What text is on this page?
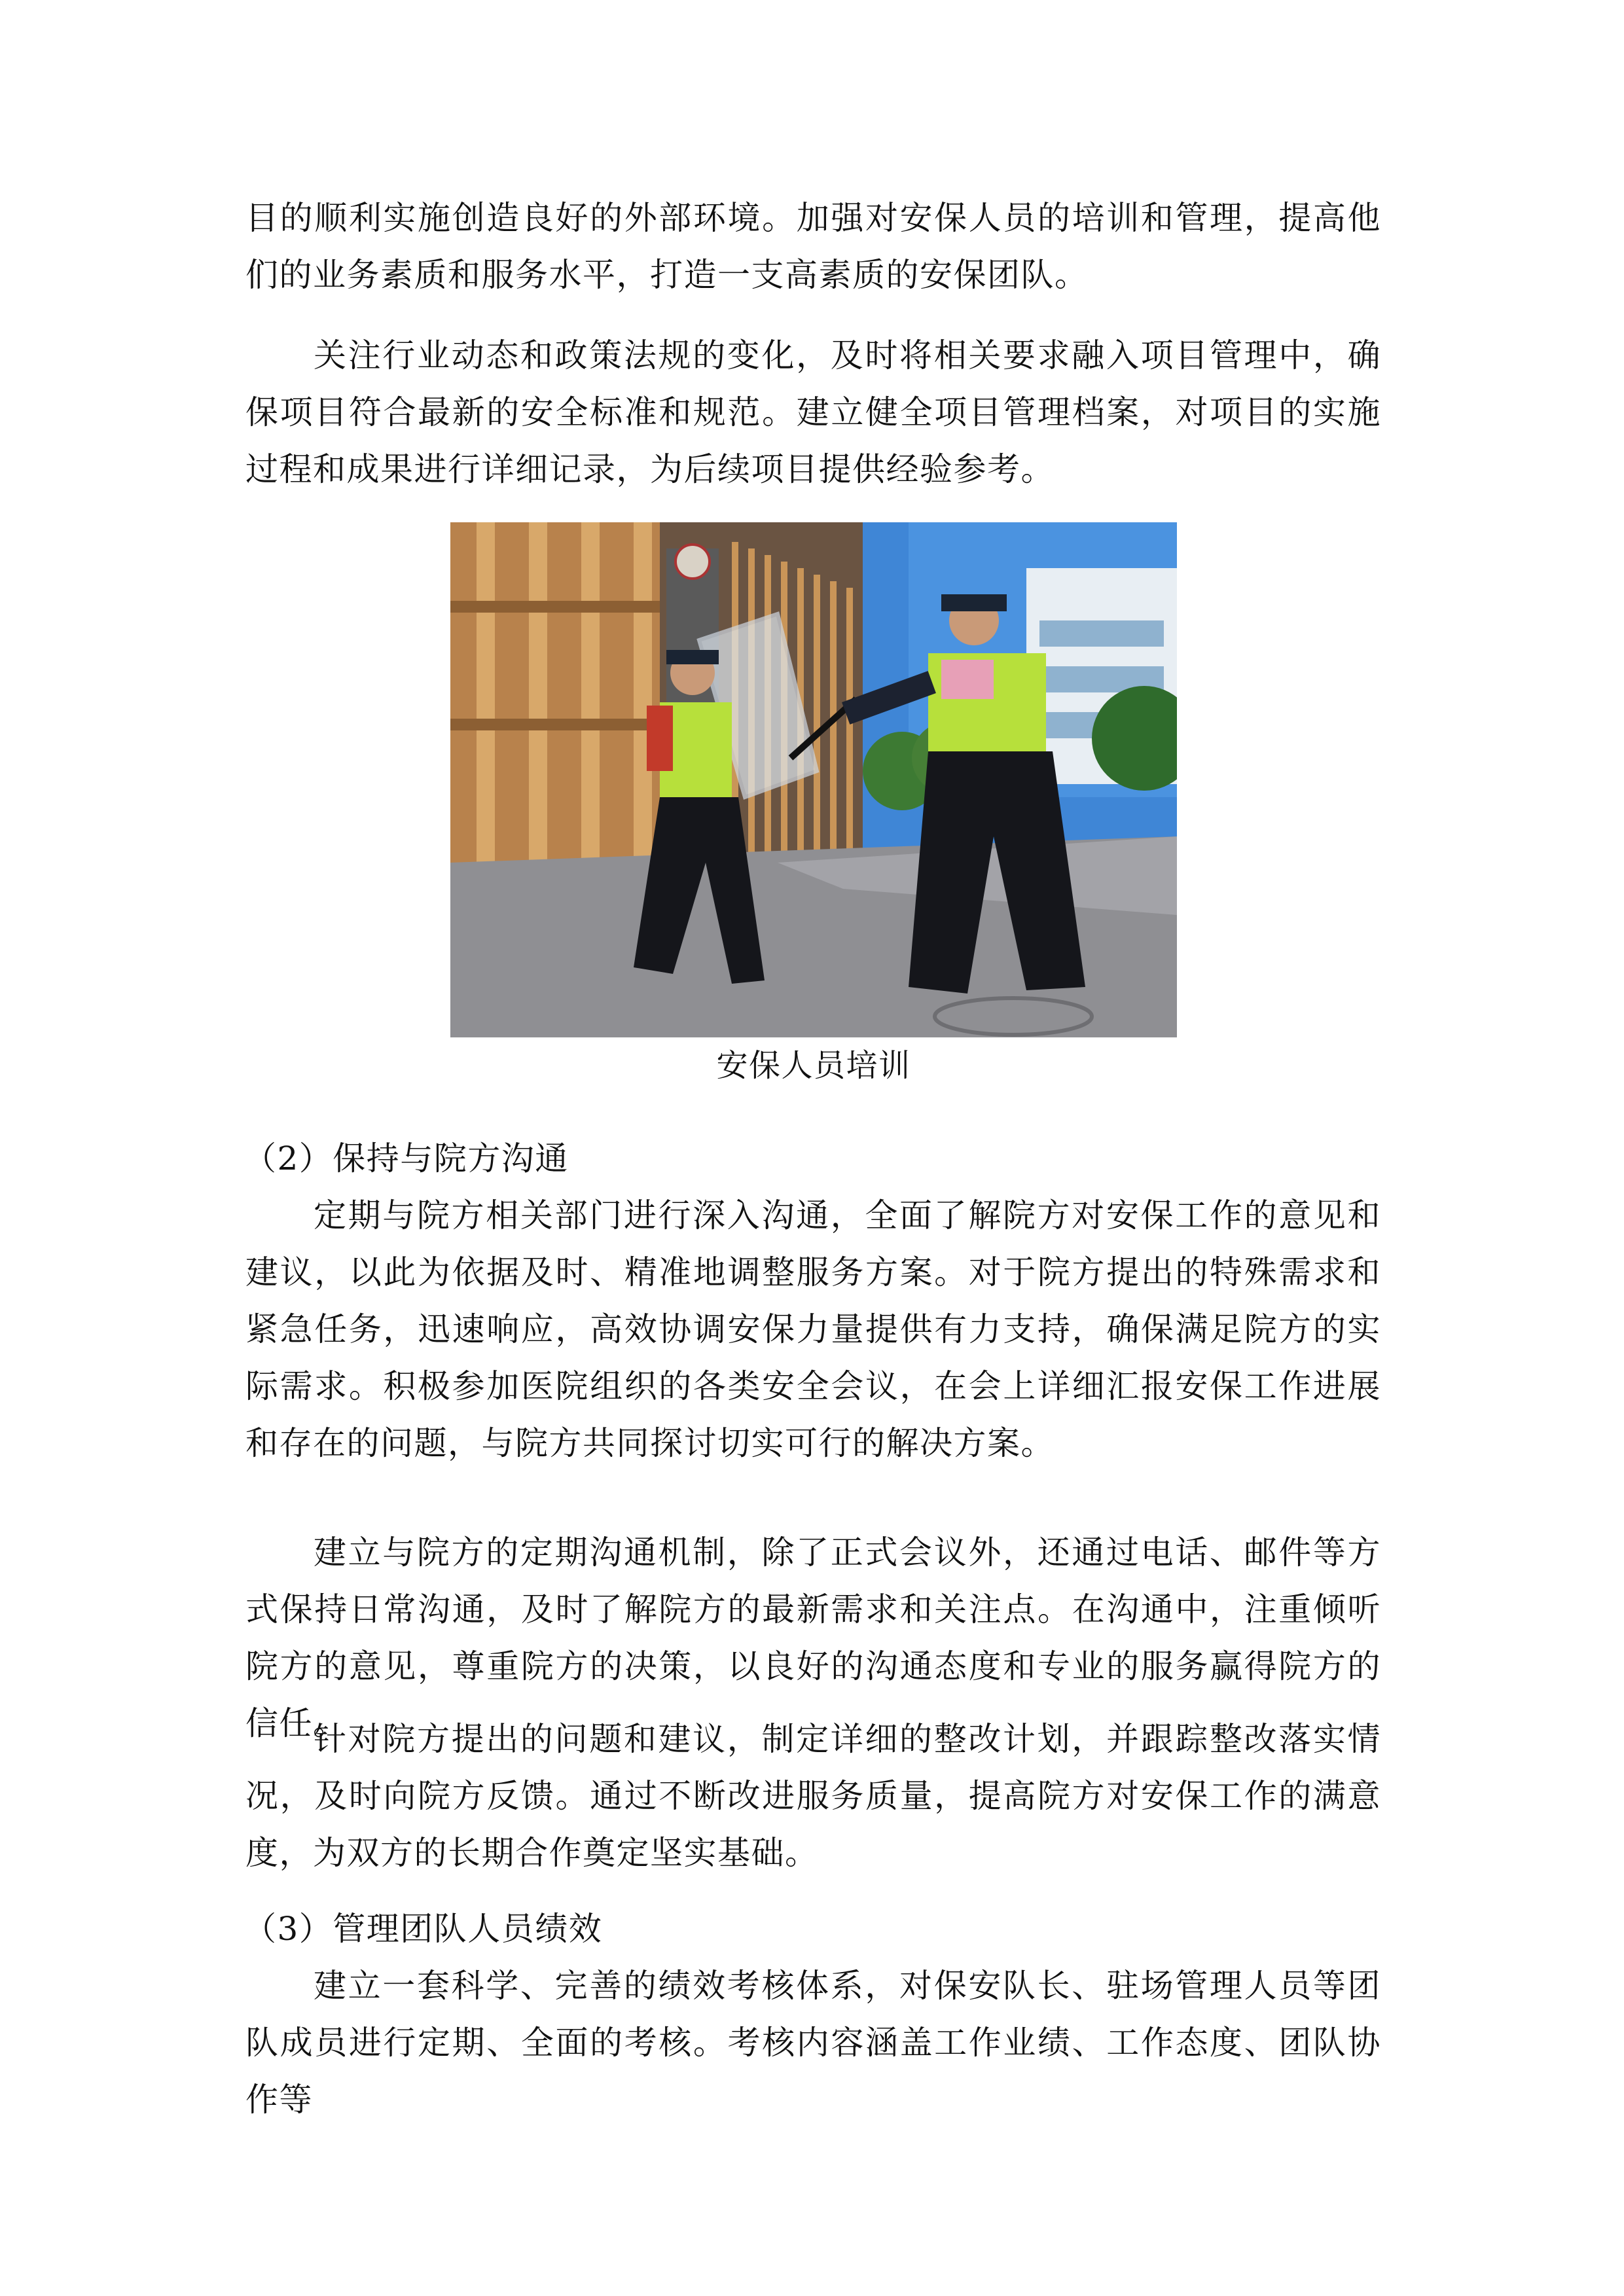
目的顺利实施创造良好的外部环境。加强对安保人员的培训和管理，提高他们的业务素质和服务水平，打造一支高素质的安保团队。

关注行业动态和政策法规的变化，及时将相关要求融入项目管理中，确保项目符合最新的安全标准和规范。建立健全项目管理档案，对项目的实施过程和成果进行详细记录，为后续项目提供经验参考。

安保人员培训

（2）保持与院方沟通

定期与院方相关部门进行深入沟通，全面了解院方对安保工作的意见和建议，以此为依据及时、精准地调整服务方案。对于院方提出的特殊需求和紧急任务，迅速响应，高效协调安保力量提供有力支持，确保满足院方的实际需求。积极参加医院组织的各类安全会议，在会上详细汇报安保工作进展和存在的问题，与院方共同探讨切实可行的解决方案。

建立与院方的定期沟通机制，除了正式会议外，还通过电话、邮件等方式保持日常沟通，及时了解院方的最新需求和关注点。在沟通中，注重倾听院方的意见，尊重院方的决策，以良好的沟通态度和专业的服务赢得院方的信任。

针对院方提出的问题和建议，制定详细的整改计划，并跟踪整改落实情况，及时向院方反馈。通过不断改进服务质量，提高院方对安保工作的满意度，为双方的长期合作奠定坚实基础。

（3）管理团队人员绩效

建立一套科学、完善的绩效考核体系，对保安队长、驻场管理人员等团队成员进行定期、全面的考核。考核内容涵盖工作业绩、工作态度、团队协作等
